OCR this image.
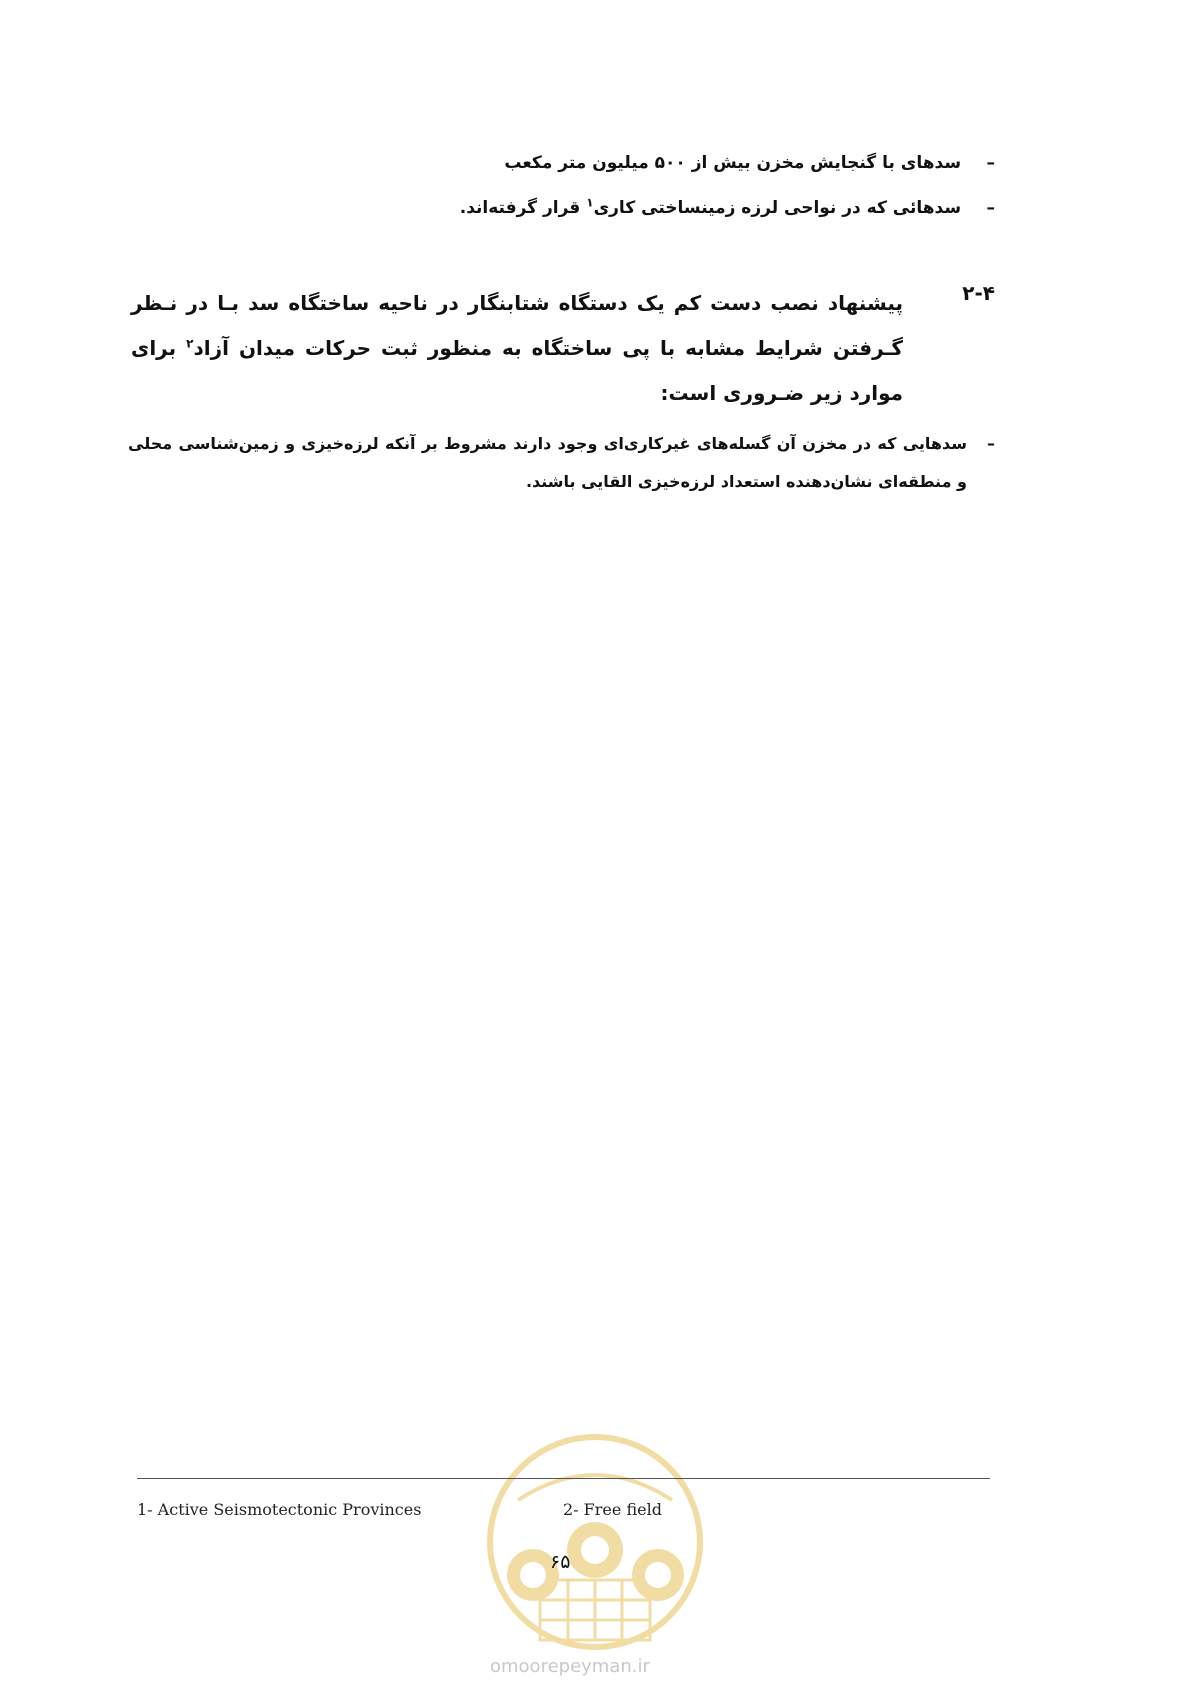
– سدهای با گنجایش مخزن بیش از ۵۰۰ میلیون متر مکعب
– سدهائی که در نواحی لرزه زمینساختی کاری$^۱$ قرار گرفته‌اند.
۲-۴
پیشنهاد نصب دست کم یک دستگاه شتابنگار در ناحیه ساختگاه سد بـا در نـظر گـرفتن شرایط مشابه با پی ساختگاه به منظور ثبت حرکات میدان آزاد$^۲$ برای موارد زیر ضـروری است:
–
سدهایی که در مخزن آن گسله‌های غیرکاری‌ای وجود دارند مشروط بر آنکه لرزه‌خیزی و زمین‌شناسی محلی و منطقه‌ای نشان‌دهنده استعداد لرزه‌خیزی القایی باشند.
omoorepeyman.ir
1- Active Seismotectonic Provinces	2- Free field
۶۵
